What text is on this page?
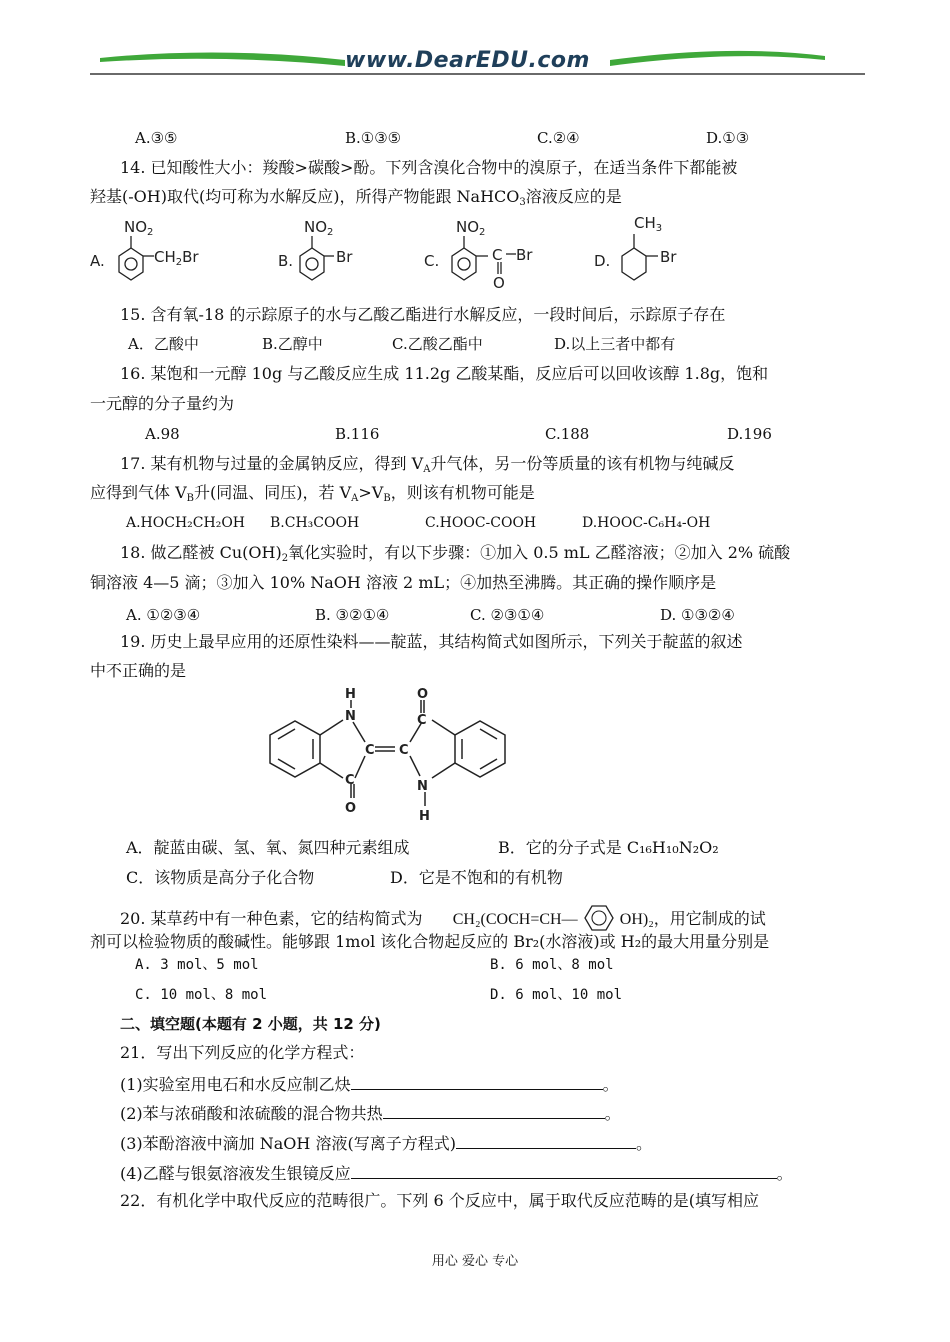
www.DearEDU.com
A.③⑤	B.①③⑤	C.②④	D.①③
14. 已知酸性大小：羧酸>碳酸>酚。下列含溴化合物中的溴原子，在适当条件下都能被
羟基(-OH)取代(均可称为水解反应)，所得产物能跟 NaHCO$_3$溶液反应的是
A.
$NO_2$
$CH_2Br$	B.
$NO_2$
Br	C.
$NO_2$
C Br
O
D.
$CH_3$
Br
15. 含有氧-18 的示踪原子的水与乙酸乙酯进行水解反应，一段时间后，示踪原子存在
A．乙酸中	B.乙醇中	C.乙酸乙酯中	D.以上三者中都有
16. 某饱和一元醇 10g 与乙酸反应生成 11.2g 乙酸某酯，反应后可以回收该醇 1.8g，饱和
一元醇的分子量约为
A.98	B.116	C.188	D.196
17. 某有机物与过量的金属钠反应，得到 $V_A$升气体，另一份等质量的该有机物与纯碱反
应得到气体 $V_B$升(同温、同压)，若 $V_A>V_B$，则该有机物可能是
A.HOCH₂CH₂OH B.CH₃COOH	C.HOOC-COOH	D.HOOC-C₆H₄-OH
18. 做乙醛被 $Cu(OH)_2$氧化实验时，有以下步骤：①加入 0.5 mL 乙醛溶液；②加入 2% 硫酸
铜溶液 4—5 滴；③加入 10% NaOH 溶液 2 mL；④加热至沸腾。其正确的操作顺序是
A. ①②③④	B. ③②①④	C. ②③①④	D. ①③②④
19. 历史上最早应用的还原性染料——靛蓝，其结构简式如图所示，下列关于靛蓝的叙述
中不正确的是
H
N
C
C
O
C
O
C
N
H
A．靛蓝由碳、氢、氧、氮四种元素组成	B．它的分子式是 C₁₆H₁₀N₂O₂
C．该物质是高分子化合物	D．它是不饱和的有机物
20. 某草药中有一种色素，它的结构简式为 CH₂(COCH=CH—	OH)₂，用它制成的试
剂可以检验物质的酸碱性。能够跟 1mol 该化合物起反应的 Br₂(水溶液)或 H₂的最大用量分别是
A. 3 mol、5 mol	B. 6 mol、8 mol
C. 10 mol、8 mol	D. 6 mol、10 mol
二、填空题(本题有 2 小题，共 12 分)
21．写出下列反应的化学方程式：
(1)实验室用电石和水反应制乙炔	。
(2)苯与浓硝酸和浓硫酸的混合物共热	。
(3)苯酚溶液中滴加 NaOH 溶液(写离子方程式)	。
(4)乙醛与银氨溶液发生银镜反应	。
22．有机化学中取代反应的范畴很广。下列 6 个反应中，属于取代反应范畴的是(填写相应
用心 爱心 专心
